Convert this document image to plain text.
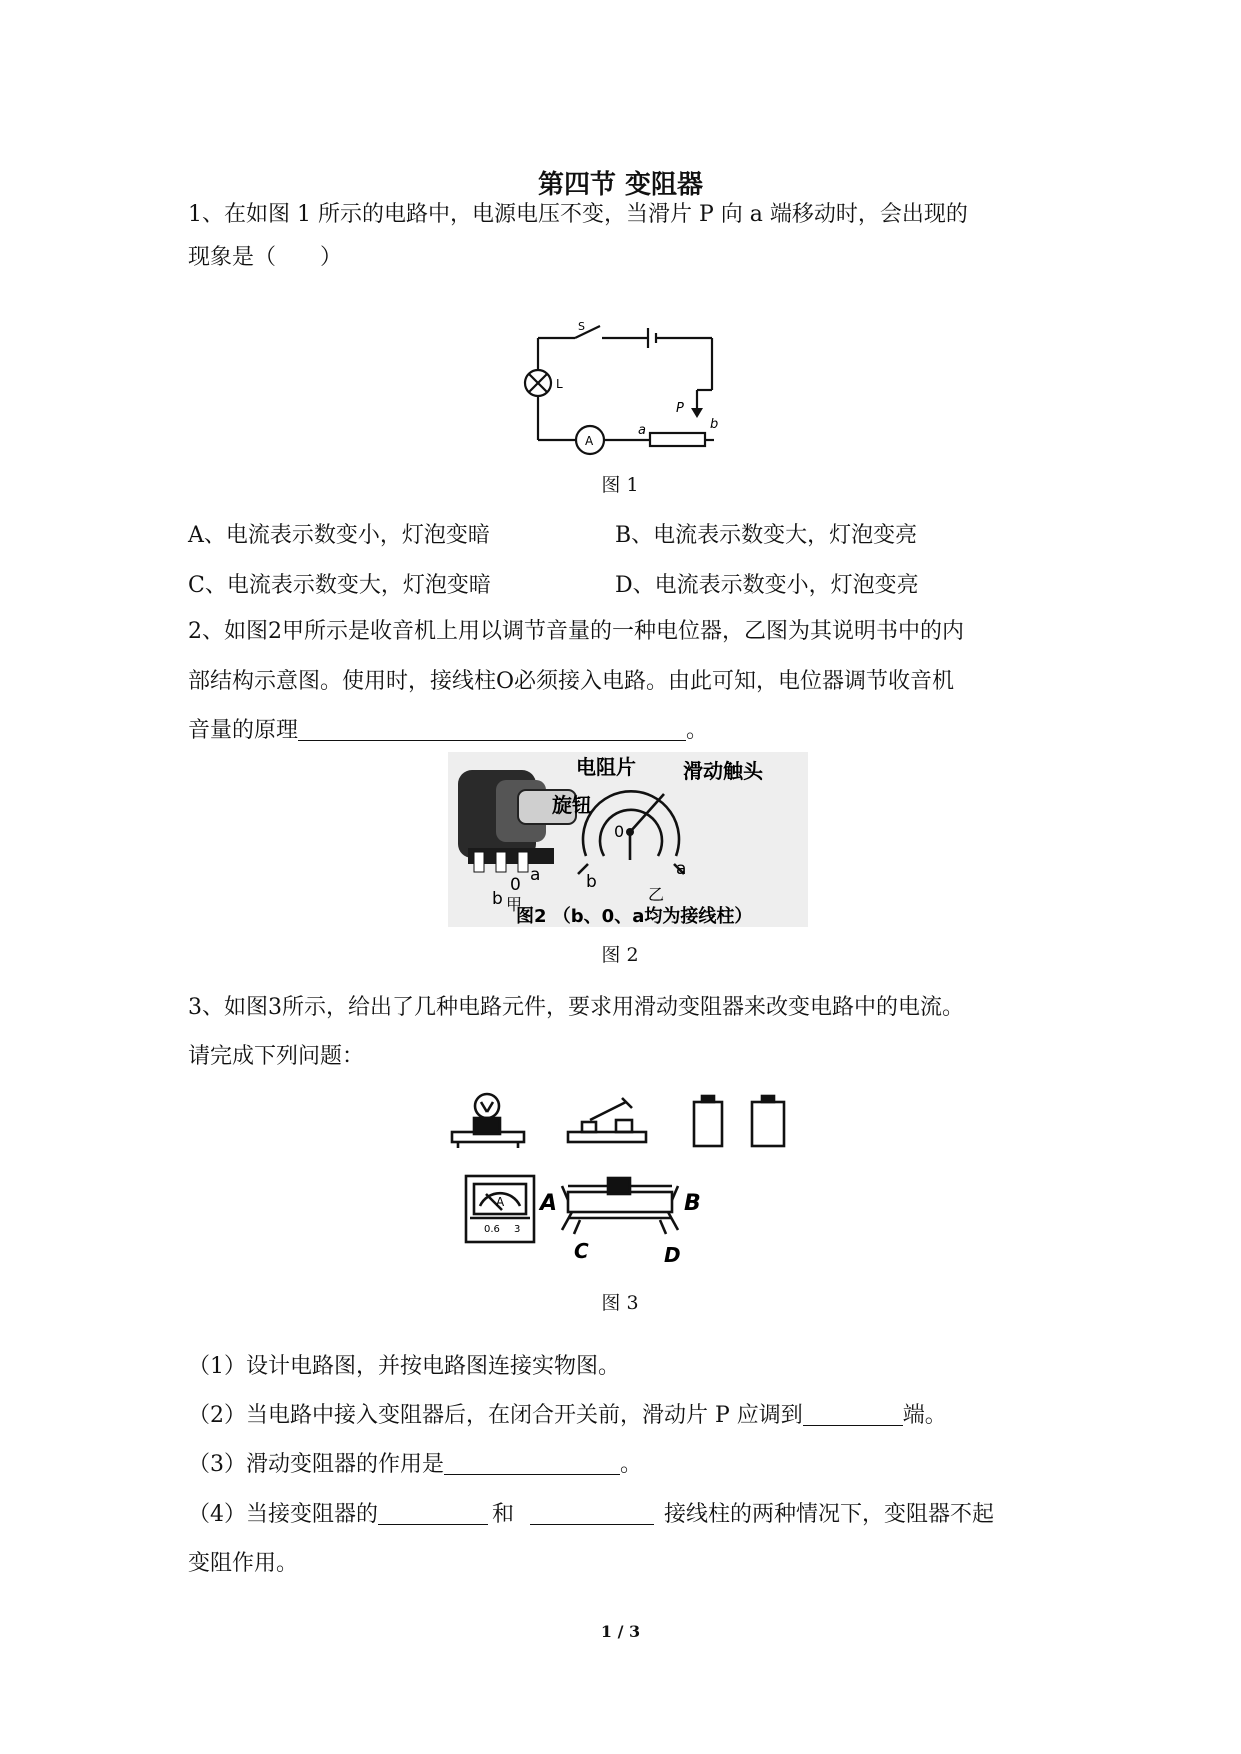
第四节 变阻器
1、在如图 1 所示的电路中，电源电压不变，当滑片 P 向 a 端移动时，会出现的
现象是（　　）
S
L
A
a
P
b
图 1
A、电流表示数变小，灯泡变暗	B、电流表示数变大，灯泡变亮
C、电流表示数变大，灯泡变暗	D、电流表示数变小，灯泡变亮
2、如图2甲所示是收音机上用以调节音量的一种电位器，乙图为其说明书中的内
部结构示意图。使用时，接线柱O必须接入电路。由此可知，电位器调节收音机
音量的原理	。
旋钮
b
0 a
甲
电阻片 滑动触头
0
b
a
乙
图2 （b、0、a均为接线柱）
图 2
3、如图3所示，给出了几种电路元件，要求用滑动变阻器来改变电路中的电流。
请完成下列问题：
A
0.6 3
A	B
C	D
图 3
（1）设计电路图，并按电路图连接实物图。
（2）当电路中接入变阻器后，在闭合开关前，滑动片 P 应调到	端。
（3）滑动变阻器的作用是	。
（4）当接变阻器的	和	接线柱的两种情况下，变阻器不起
变阻作用。
1 / 3
